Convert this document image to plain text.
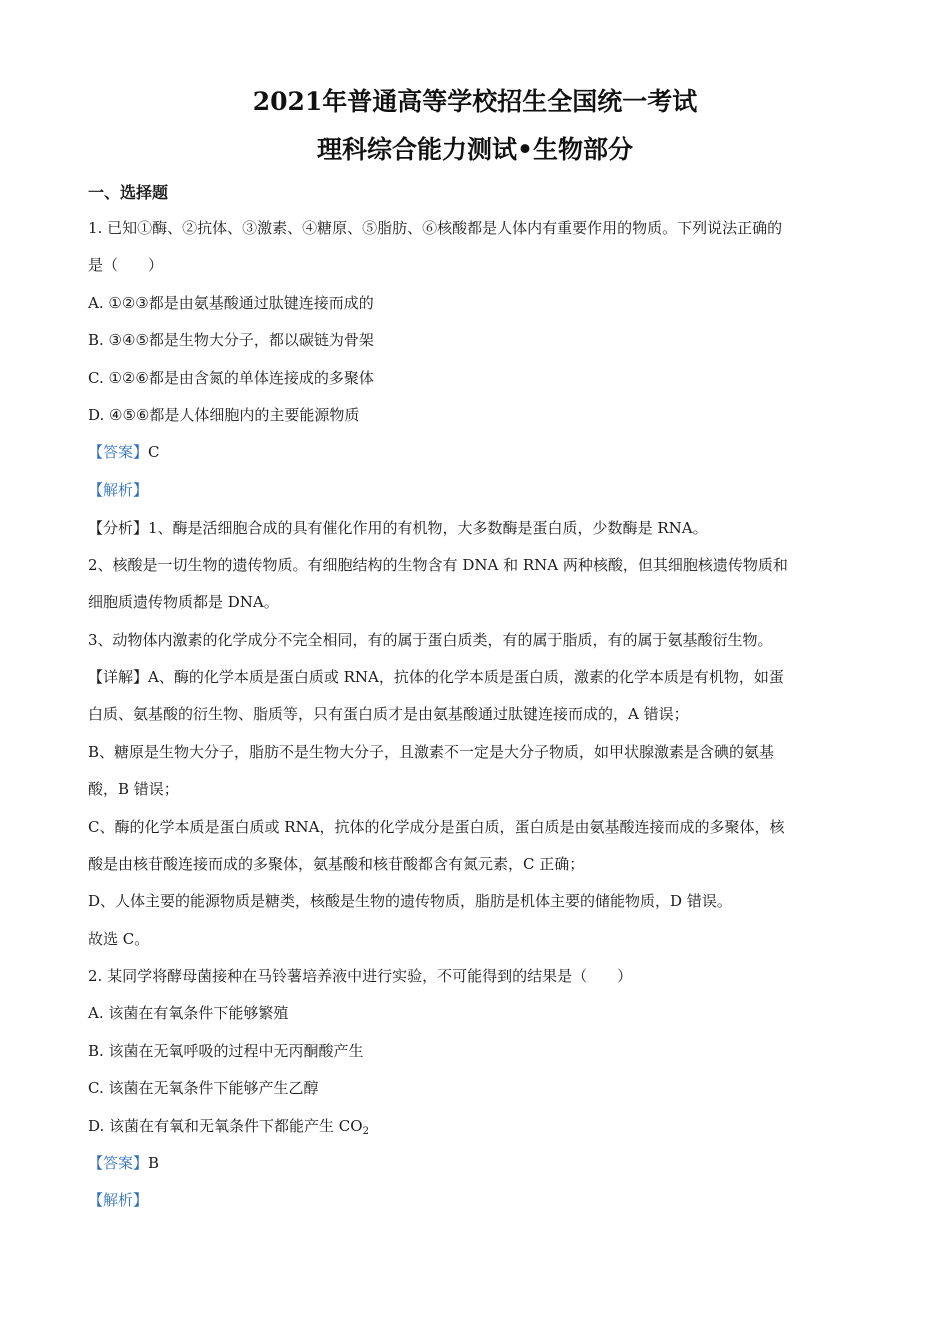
2021年普通高等学校招生全国统一考试
理科综合能力测试•生物部分
一、选择题
1. 已知①酶、②抗体、③激素、④糖原、⑤脂肪、⑥核酸都是人体内有重要作用的物质。下列说法正确的
是（　　）
A. ①②③都是由氨基酸通过肽键连接而成的
B. ③④⑤都是生物大分子，都以碳链为骨架
C. ①②⑥都是由含氮的单体连接成的多聚体
D. ④⑤⑥都是人体细胞内的主要能源物质
【答案】C
【解析】
【分析】1、酶是活细胞合成的具有催化作用的有机物，大多数酶是蛋白质，少数酶是 RNA。
2、核酸是一切生物的遗传物质。有细胞结构的生物含有 DNA 和 RNA 两种核酸，但其细胞核遗传物质和
细胞质遗传物质都是 DNA。
3、动物体内激素的化学成分不完全相同，有的属于蛋白质类，有的属于脂质，有的属于氨基酸衍生物。
【详解】A、酶的化学本质是蛋白质或 RNA，抗体的化学本质是蛋白质，激素的化学本质是有机物，如蛋
白质、氨基酸的衍生物、脂质等，只有蛋白质才是由氨基酸通过肽键连接而成的，A 错误；
B、糖原是生物大分子，脂肪不是生物大分子，且激素不一定是大分子物质，如甲状腺激素是含碘的氨基
酸，B 错误；
C、酶的化学本质是蛋白质或 RNA，抗体的化学成分是蛋白质，蛋白质是由氨基酸连接而成的多聚体，核
酸是由核苷酸连接而成的多聚体，氨基酸和核苷酸都含有氮元素，C 正确；
D、人体主要的能源物质是糖类，核酸是生物的遗传物质，脂肪是机体主要的储能物质，D 错误。
故选 C。
2. 某同学将酵母菌接种在马铃薯培养液中进行实验，不可能得到的结果是（　　）
A. 该菌在有氧条件下能够繁殖
B. 该菌在无氧呼吸的过程中无丙酮酸产生
C. 该菌在无氧条件下能够产生乙醇
D. 该菌在有氧和无氧条件下都能产生 $CO_2$
【答案】B
【解析】
